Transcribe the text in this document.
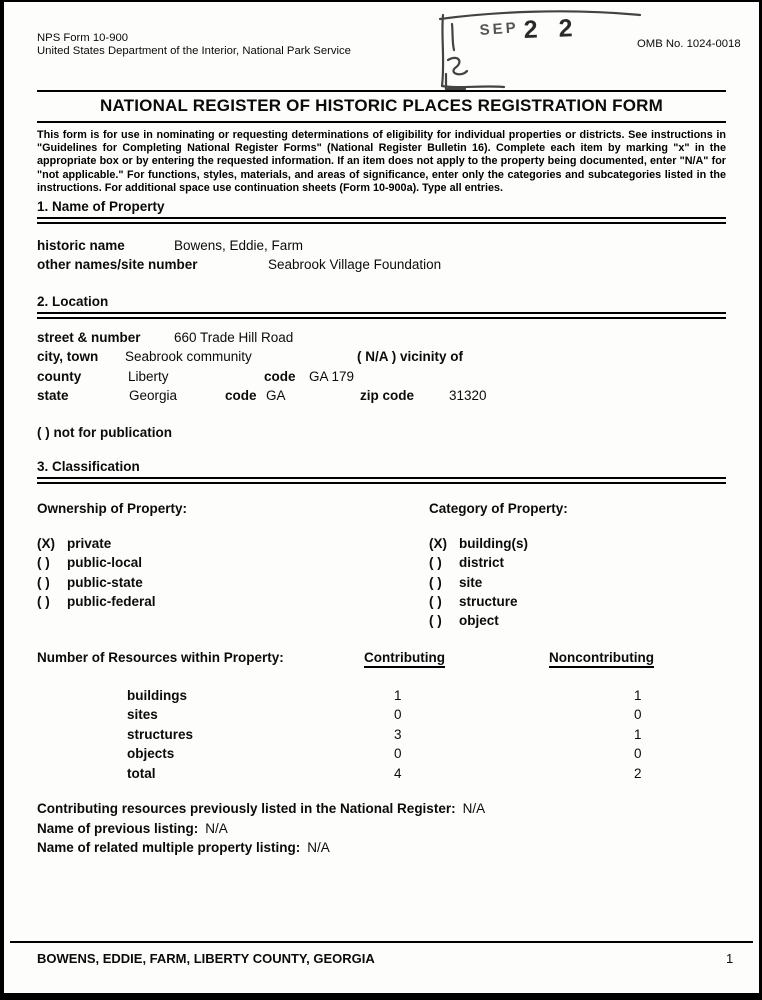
NPS Form 10-900
United States Department of the Interior, National Park Service
OMB No. 1024-0018
SEP 2 2
NATIONAL REGISTER OF HISTORIC PLACES REGISTRATION FORM
This form is for use in nominating or requesting determinations of eligibility for individual properties or districts. See instructions in "Guidelines for Completing National Register Forms" (National Register Bulletin 16). Complete each item by marking "x" in the appropriate box or by entering the requested information. If an item does not apply to the property being documented, enter "N/A" for "not applicable." For functions, styles, materials, and areas of significance, enter only the categories and subcategories listed in the instructions. For additional space use continuation sheets (Form 10-900a). Type all entries.
1. Name of Property
historic name	Bowens, Eddie, Farm
other names/site number	Seabrook Village Foundation
2. Location
street & number 660 Trade Hill Road
city, town Seabrook community	( N/A ) vicinity of
county	Liberty	code GA 179
state	Georgia	code GA	zip code	31320
( ) not for publication
3. Classification
Ownership of Property:	Category of Property:
(X) private
( ) public-local
( ) public-state
( ) public-federal
(X) building(s)
( ) district
( ) site
( ) structure
( ) object
Number of Resources within Property:	Contributing	Noncontributing
buildings	1	1
sites	0	0
structures	3	1
objects	0	0
total	4	2
Contributing resources previously listed in the National Register: N/A
Name of previous listing: N/A
Name of related multiple property listing: N/A
BOWENS, EDDIE, FARM, LIBERTY COUNTY, GEORGIA	1
